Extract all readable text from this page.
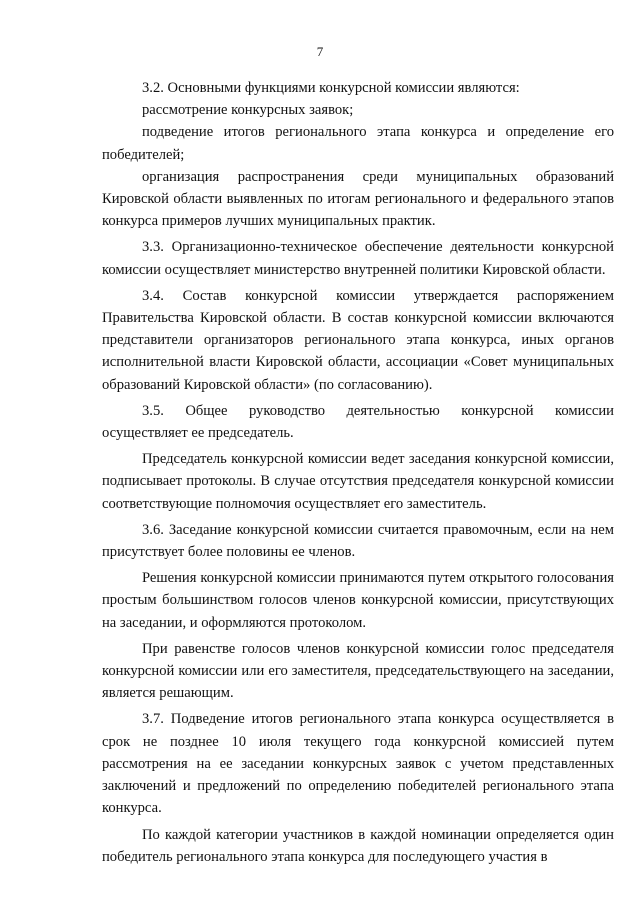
7

3.2. Основными функциями конкурсной комиссии являются:

рассмотрение конкурсных заявок;

подведение итогов регионального этапа конкурса и определение его победителей;

организация распространения среди муниципальных образований Кировской области выявленных по итогам регионального и федерального этапов конкурса примеров лучших муниципальных практик.

3.3. Организационно-техническое обеспечение деятельности конкурсной комиссии осуществляет министерство внутренней политики Кировской области.

3.4. Состав конкурсной комиссии утверждается распоряжением Правительства Кировской области. В состав конкурсной комиссии включаются представители организаторов регионального этапа конкурса, иных органов исполнительной власти Кировской области, ассоциации «Совет муниципальных образований Кировской области» (по согласованию).

3.5. Общее руководство деятельностью конкурсной комиссии осуществляет ее председатель.

Председатель конкурсной комиссии ведет заседания конкурсной комиссии, подписывает протоколы. В случае отсутствия председателя конкурсной комиссии соответствующие полномочия осуществляет его заместитель.

3.6. Заседание конкурсной комиссии считается правомочным, если на нем присутствует более половины ее членов.

Решения конкурсной комиссии принимаются путем открытого голосования простым большинством голосов членов конкурсной комиссии, присутствующих на заседании, и оформляются протоколом.

При равенстве голосов членов конкурсной комиссии голос председателя конкурсной комиссии или его заместителя, председательствующего на заседании, является решающим.

3.7. Подведение итогов регионального этапа конкурса осуществляется в срок не позднее 10 июля текущего года конкурсной комиссией путем рассмотрения на ее заседании конкурсных заявок с учетом представленных заключений и предложений по определению победителей регионального этапа конкурса.

По каждой категории участников в каждой номинации определяется один победитель регионального этапа конкурса для последующего участия в
